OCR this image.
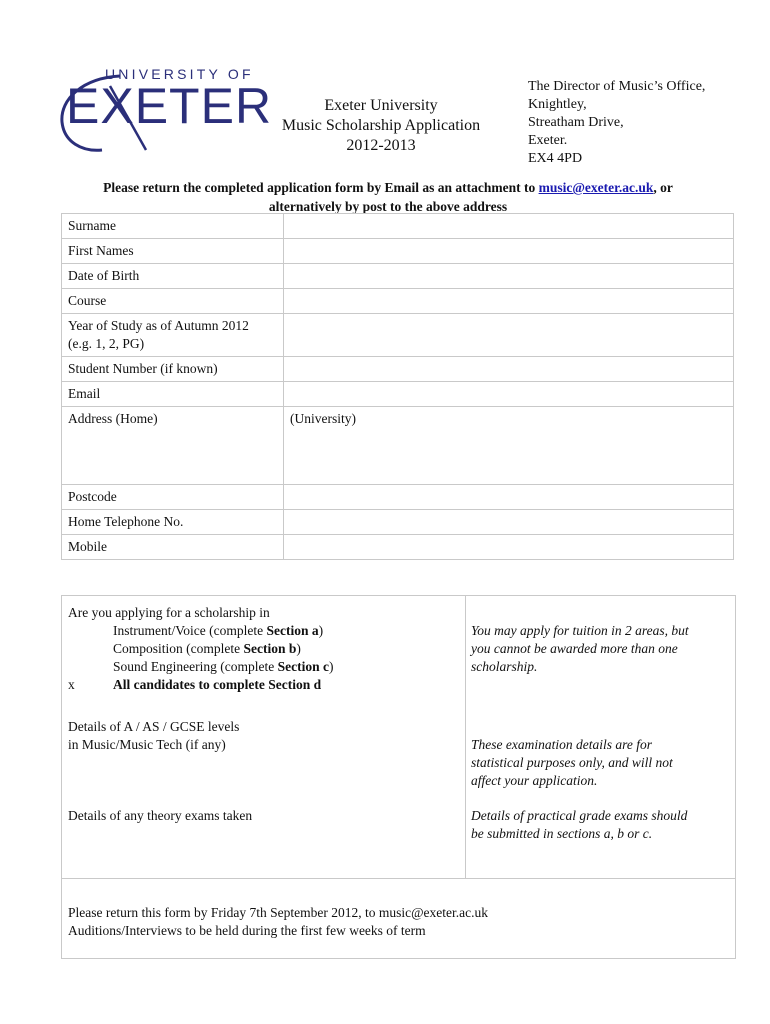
UNIVERSITY OF
EXETER	Exeter University
Music Scholarship Application
2012-2013
The Director of Music’s Office,
Knightley,
Streatham Drive,
Exeter.
EX4 4PD
Please return the completed application form by Email as an attachment to music@exeter.ac.uk, or
alternatively by post to the above address
Surname	
First Names	
Date of Birth	
Course	

Year of Study as of Autumn 2012
(e.g. 1, 2, PG)	

Student Number (if known)	
Email	
Address (Home)	(University)
Postcode	
Home Telephone No.	
Mobile	
Are you applying for a scholarship in
Instrument/Voice (complete Section a)
Composition (complete Section b)
Sound Engineering (complete Section c)
x	All candidates to complete Section d
You may apply for tuition in 2 areas, but
you cannot be awarded more than one
scholarship.
Details of A / AS / GCSE levels
in Music/Music Tech (if any)	These examination details are for
statistical purposes only, and will not
affect your application.
Details of any theory exams taken	Details of practical grade exams should
be submitted in sections a, b or c.
Please return this form by Friday 7th September 2012, to music@exeter.ac.uk
Auditions/Interviews to be held during the first few weeks of term
